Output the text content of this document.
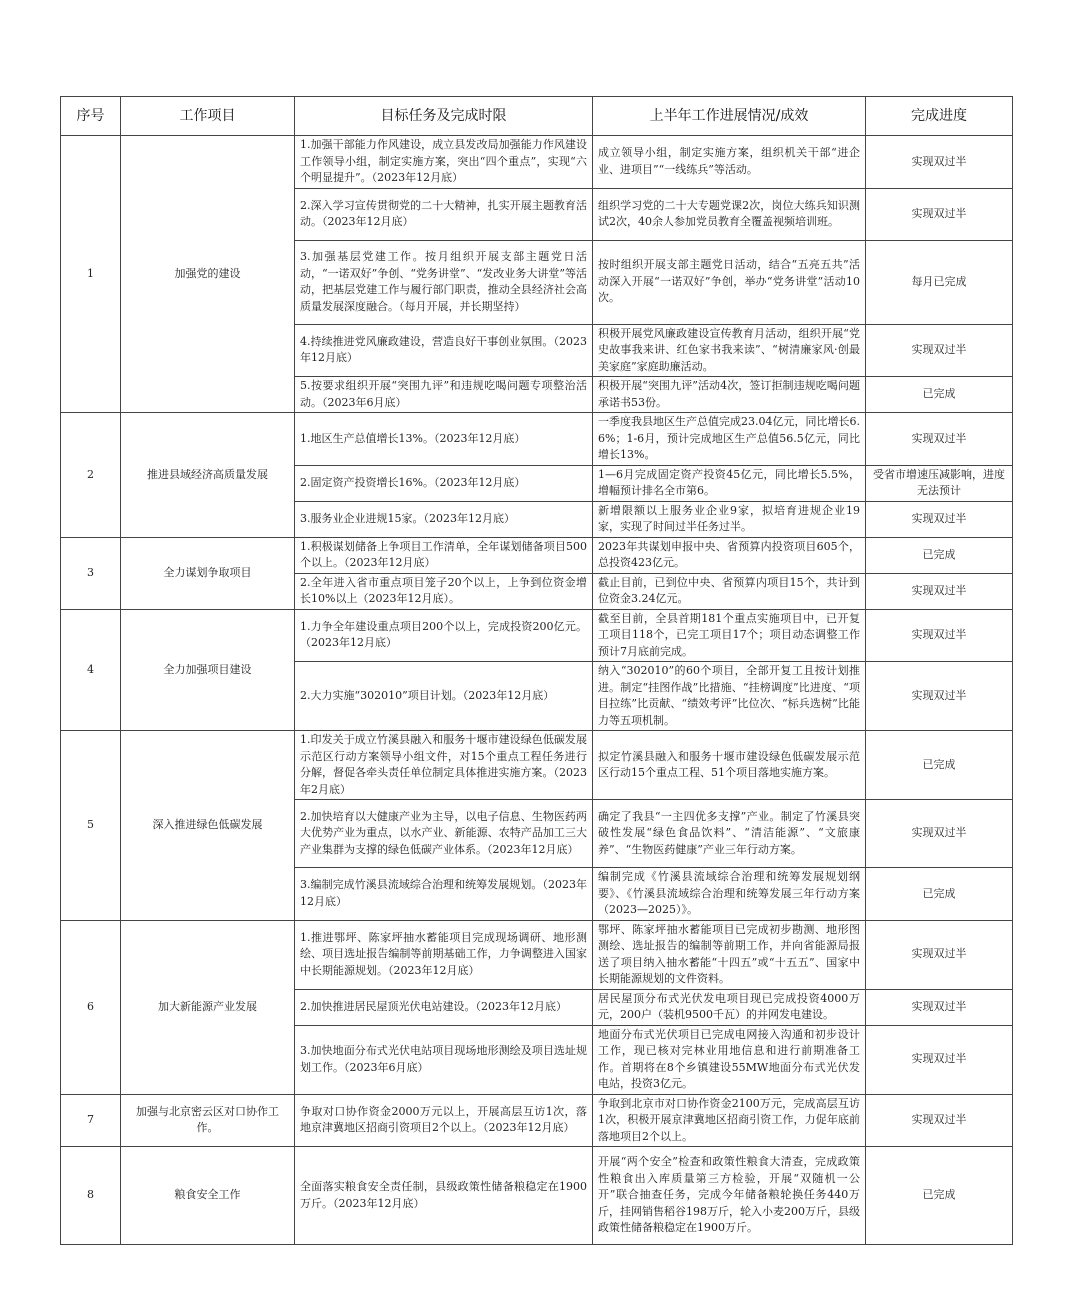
序号	工作项目	目标任务及完成时限	上半年工作进展情况/成效	完成进度
1	加强党的建设	1.加强干部能力作风建设，成立县发改局加强能力作风建设工作领导小组，制定实施方案，突出“四个重点”，实现“六个明显提升”。（2023年12月底）	成立领导小组，制定实施方案，组织机关干部“进企业、进项目”“一线练兵”等活动。	实现双过半
		2.深入学习宣传贯彻党的二十大精神，扎实开展主题教育活动。（2023年12月底）	组织学习党的二十大专题党课2次，岗位大练兵知识测试2次，40余人参加党员教育全覆盖视频培训班。	实现双过半
		3.加强基层党建工作。按月组织开展支部主题党日活动，“一诺双好”争创、“党务讲堂”、“发改业务大讲堂”等活动，把基层党建工作与履行部门职责，推动全县经济社会高质量发展深度融合。（每月开展，并长期坚持）	按时组织开展支部主题党日活动，结合“五亮五共”活动深入开展“一诺双好”争创，举办“党务讲堂”活动10次。	每月已完成
		4.持续推进党风廉政建设，营造良好干事创业氛围。（2023年12月底）	积极开展党风廉政建设宣传教育月活动，组织开展“党史故事我来讲、红色家书我来读”、“树清廉家风·创最美家庭”家庭助廉活动。	实现双过半
		5.按要求组织开展“突围九评”和违规吃喝问题专项整治活动。（2023年6月底）	积极开展“突围九评”活动4次，签订拒制违规吃喝问题承诺书53份。	已完成
2	推进县域经济高质量发展	1.地区生产总值增长13%。（2023年12月底）	一季度我县地区生产总值完成23.04亿元，同比增长6.6%；1-6月，预计完成地区生产总值56.5亿元，同比增长13%。	实现双过半
		2.固定资产投资增长16%。（2023年12月底）	1—6月完成固定资产投资45亿元，同比增长5.5%，增幅预计排名全市第6。	受省市增速压减影响，进度无法预计
		3.服务业企业进规15家。（2023年12月底）	新增限额以上服务业企业9家，拟培育进规企业19家，实现了时间过半任务过半。	实现双过半
3	全力谋划争取项目	1.积极谋划储备上争项目工作清单，全年谋划储备项目500个以上。（2023年12月底）	2023年共谋划申报中央、省预算内投资项目605个，总投资423亿元。	已完成
		2.全年进入省市重点项目笼子20个以上，上争到位资金增长10%以上（2023年12月底）。	截止目前，已到位中央、省预算内项目15个，共计到位资金3.24亿元。	实现双过半
4	全力加强项目建设	1.力争全年建设重点项目200个以上，完成投资200亿元。（2023年12月底）	截至目前，全县首期181个重点实施项目中，已开复工项目118个，已完工项目17个；项目动态调整工作预计7月底前完成。	实现双过半
		2.大力实施“302010”项目计划。（2023年12月底）	纳入“302010”的60个项目，全部开复工且按计划推进。制定“挂图作战”比措施、“挂榜调度”比进度、“项目拉练”比贡献、“绩效考评”比位次、“标兵选树”比能力等五项机制。	实现双过半
5	深入推进绿色低碳发展	1.印发关于成立竹溪县融入和服务十堰市建设绿色低碳发展示范区行动方案领导小组文件，对15个重点工程任务进行分解，督促各牵头责任单位制定具体推进实施方案。（2023年2月底）	拟定竹溪县融入和服务十堰市建设绿色低碳发展示范区行动15个重点工程、51个项目落地实施方案。	已完成
		2.加快培育以大健康产业为主导，以电子信息、生物医药两大优势产业为重点，以水产业、新能源、农特产品加工三大产业集群为支撑的绿色低碳产业体系。（2023年12月底）	确定了我县“一主四优多支撑”产业。制定了竹溪县突破性发展“绿色食品饮料”、“清洁能源”、“文旅康养”、“生物医药健康”产业三年行动方案。	实现双过半
		3.编制完成竹溪县流域综合治理和统筹发展规划。（2023年12月底）	编制完成《竹溪县流域综合治理和统筹发展规划纲要》、《竹溪县流域综合治理和统筹发展三年行动方案（2023—2025）》。	已完成
6	加大新能源产业发展	1.推进鄂坪、陈家坪抽水蓄能项目完成现场调研、地形测绘、项目选址报告编制等前期基础工作，力争调整进入国家中长期能源规划。（2023年12月底）	鄂坪、陈家坪抽水蓄能项目已完成初步勘测、地形图测绘、选址报告的编制等前期工作，并向省能源局报送了项目纳入抽水蓄能“十四五”或“十五五”、国家中长期能源规划的文件资料。	实现双过半
		2.加快推进居民屋顶光伏电站建设。（2023年12月底）	居民屋顶分布式光伏发电项目现已完成投资4000万元，200户（装机9500千瓦）的并网发电建设。	实现双过半
		3.加快地面分布式光伏电站项目现场地形测绘及项目选址规划工作。（2023年6月底）	地面分布式光伏项目已完成电网接入沟通和初步设计工作，现已核对完林业用地信息和进行前期准备工作。首期将在8个乡镇建设55MW地面分布式光伏发电站，投资3亿元。	实现双过半
7	加强与北京密云区对口协作工作。	争取对口协作资金2000万元以上，开展高层互访1次，落地京津冀地区招商引资项目2个以上。（2023年12月底）	争取到北京市对口协作资金2100万元，完成高层互访1次，积极开展京津冀地区招商引资工作，力促年底前落地项目2个以上。	实现双过半
8	粮食安全工作	全面落实粮食安全责任制，县级政策性储备粮稳定在1900万斤。（2023年12月底）	开展“两个安全”检查和政策性粮食大清查，完成政策性粮食出入库质量第三方检验，开展“双随机一公开”联合抽查任务，完成今年储备粮轮换任务440万斤，挂网销售稻谷198万斤，轮入小麦200万斤，县级政策性储备粮稳定在1900万斤。	已完成
